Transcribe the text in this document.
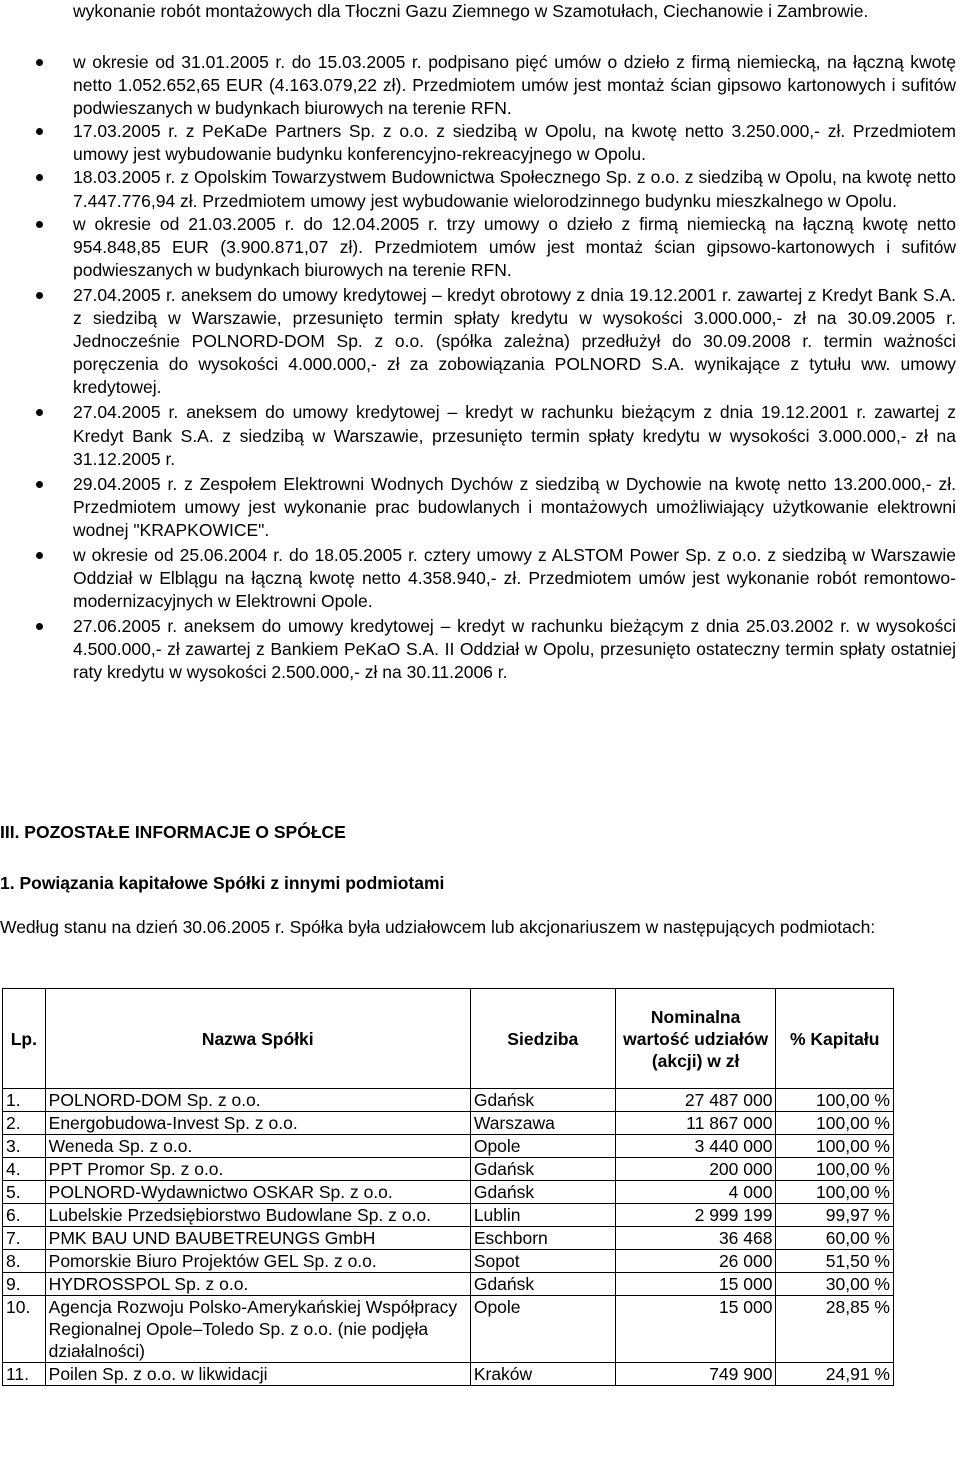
wykonanie robót montażowych dla Tłoczni Gazu Ziemnego w Szamotułach, Ciechanowie i Zambrowie.
w okresie od 31.01.2005 r. do 15.03.2005 r. podpisano pięć umów o dzieło z firmą niemiecką, na łączną kwotę netto 1.052.652,65 EUR (4.163.079,22 zł). Przedmiotem umów jest montaż ścian gipsowo kartonowych i sufitów podwieszanych w budynkach biurowych na terenie RFN.
17.03.2005 r. z PeKaDe Partners Sp. z o.o. z siedzibą w Opolu, na kwotę netto 3.250.000,- zł. Przedmiotem umowy jest wybudowanie budynku konferencyjno-rekreacyjnego w Opolu.
18.03.2005 r. z Opolskim Towarzystwem Budownictwa Społecznego Sp. z o.o. z siedzibą w Opolu, na kwotę netto 7.447.776,94 zł. Przedmiotem umowy jest wybudowanie wielorodzinnego budynku mieszkalnego w Opolu.
w okresie od 21.03.2005 r. do 12.04.2005 r. trzy umowy o dzieło z firmą niemiecką na łączną kwotę netto 954.848,85 EUR (3.900.871,07 zł). Przedmiotem umów jest montaż ścian gipsowo-kartonowych i sufitów podwieszanych w budynkach biurowych na terenie RFN.
27.04.2005 r. aneksem do umowy kredytowej – kredyt obrotowy z dnia 19.12.2001 r. zawartej z Kredyt Bank S.A. z siedzibą w Warszawie, przesunięto termin spłaty kredytu w wysokości 3.000.000,- zł na 30.09.2005 r. Jednocześnie POLNORD-DOM Sp. z o.o. (spółka zależna) przedłużył do 30.09.2008 r. termin ważności poręczenia do wysokości 4.000.000,- zł za zobowiązania POLNORD S.A. wynikające z tytułu ww. umowy kredytowej.
27.04.2005 r. aneksem do umowy kredytowej – kredyt w rachunku bieżącym z dnia 19.12.2001 r. zawartej z Kredyt Bank S.A. z siedzibą w Warszawie, przesunięto termin spłaty kredytu w wysokości 3.000.000,- zł na 31.12.2005 r.
29.04.2005 r. z Zespołem Elektrowni Wodnych Dychów z siedzibą w Dychowie na kwotę netto 13.200.000,- zł. Przedmiotem umowy jest wykonanie prac budowlanych i montażowych umożliwiający użytkowanie elektrowni wodnej "KRAPKOWICE".
w okresie od 25.06.2004 r. do 18.05.2005 r. cztery umowy z ALSTOM Power Sp. z o.o. z siedzibą w Warszawie Oddział w Elblągu na łączną kwotę netto 4.358.940,- zł. Przedmiotem umów jest wykonanie robót remontowo-modernizacyjnych w Elektrowni Opole.
27.06.2005 r. aneksem do umowy kredytowej – kredyt w rachunku bieżącym z dnia 25.03.2002 r. w wysokości 4.500.000,- zł zawartej z Bankiem PeKaO S.A. II Oddział w Opolu, przesunięto ostateczny termin spłaty ostatniej raty kredytu w wysokości 2.500.000,- zł na 30.11.2006 r.
III. POZOSTAŁE INFORMACJE O SPÓŁCE
1. Powiązania kapitałowe Spółki z innymi podmiotami
Według stanu na dzień 30.06.2005 r. Spółka była udziałowcem lub akcjonariuszem w następujących podmiotach:
Lp.	Nazwa Spółki	Siedziba	Nominalna wartość udziałów (akcji) w zł	% Kapitału
1.	POLNORD-DOM Sp. z o.o.	Gdańsk	27 487 000	100,00 %
2.	Energobudowa-Invest Sp. z o.o.	Warszawa	11 867 000	100,00 %
3.	Weneda Sp. z o.o.	Opole	3 440 000	100,00 %
4.	PPT Promor Sp. z o.o.	Gdańsk	200 000	100,00 %
5.	POLNORD-Wydawnictwo OSKAR Sp. z o.o.	Gdańsk	4 000	100,00 %
6.	Lubelskie Przedsiębiorstwo Budowlane Sp. z o.o.	Lublin	2 999 199	99,97 %
7.	PMK BAU UND BAUBETREUNGS GmbH	Eschborn	36 468	60,00 %
8.	Pomorskie Biuro Projektów GEL Sp. z o.o.	Sopot	26 000	51,50 %
9.	HYDROSSPOL Sp. z o.o.	Gdańsk	15 000	30,00 %
10.	Agencja Rozwoju Polsko-Amerykańskiej Współpracy Regionalnej Opole–Toledo Sp. z o.o. (nie podjęła działalności)	Opole	15 000	28,85 %
11.	Poilen Sp. z o.o. w likwidacji	Kraków	749 900	24,91 %
